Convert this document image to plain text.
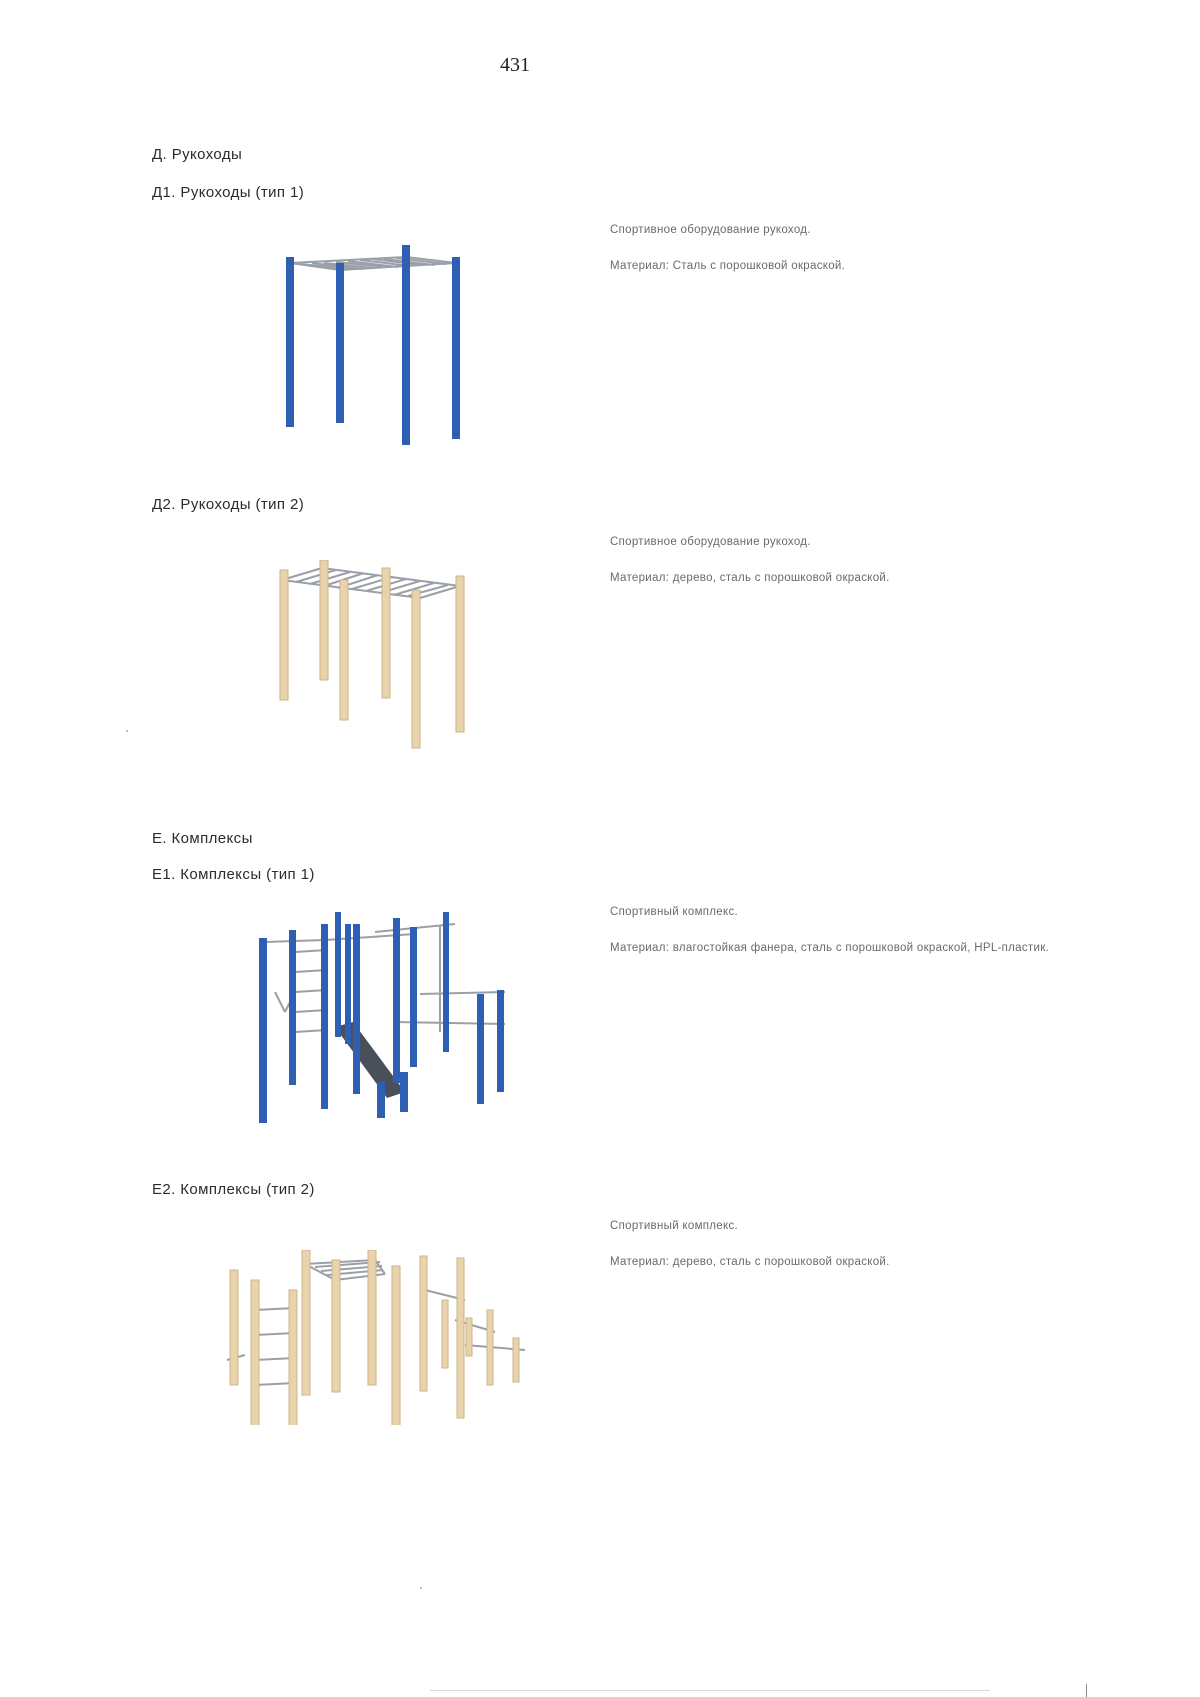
431
Д. Рукоходы
Д1. Рукоходы (тип 1)

Спортивное оборудование рукоход.

Материал: Сталь с порошковой окраской.

Д2. Рукоходы (тип 2)

Спортивное оборудование рукоход.

Материал: дерево, сталь с порошковой окраской.

Е. Комплексы
Е1. Комплексы (тип 1)

Спортивный комплекс.

Материал: влагостойкая фанера, сталь с порошковой окраской, HPL-пластик.

Е2. Комплексы (тип 2)

Спортивный комплекс.

Материал: дерево, сталь с порошковой окраской.
